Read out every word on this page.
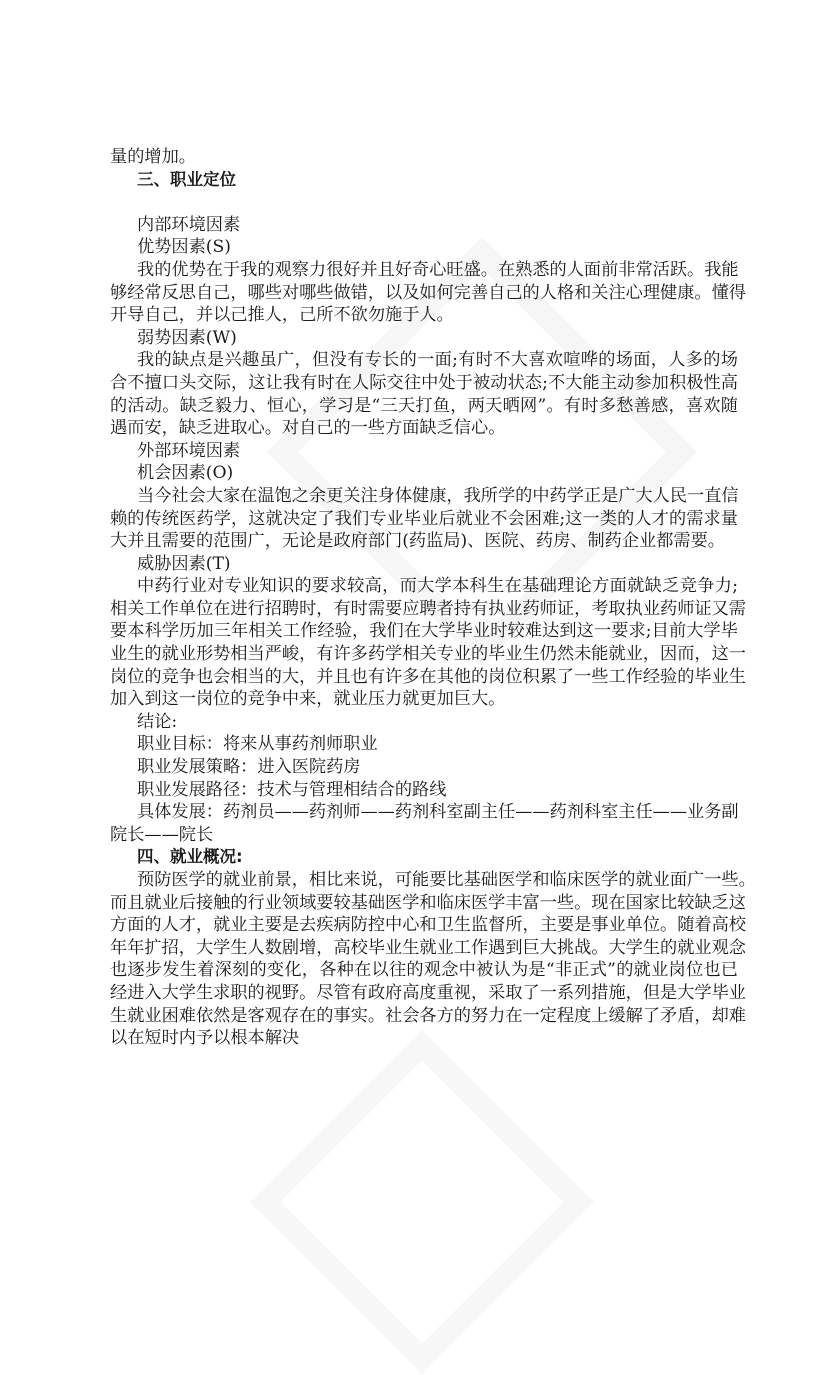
量的增加。
三、职业定位
内部环境因素
优势因素(S)
我的优势在于我的观察力很好并且好奇心旺盛。在熟悉的人面前非常活跃。我能
够经常反思自己，哪些对哪些做错，以及如何完善自己的人格和关注心理健康。懂得
开导自己，并以己推人，己所不欲勿施于人。
弱势因素(W)
我的缺点是兴趣虽广，但没有专长的一面;有时不大喜欢喧哗的场面，人多的场
合不擅口头交际，这让我有时在人际交往中处于被动状态;不大能主动参加积极性高
的活动。缺乏毅力、恒心，学习是“三天打鱼，两天晒网”。有时多愁善感，喜欢随
遇而安，缺乏进取心。对自己的一些方面缺乏信心。
外部环境因素
机会因素(O)
当今社会大家在温饱之余更关注身体健康，我所学的中药学正是广大人民一直信
赖的传统医药学，这就决定了我们专业毕业后就业不会困难;这一类的人才的需求量
大并且需要的范围广，无论是政府部门(药监局)、医院、药房、制药企业都需要。
威胁因素(T)
中药行业对专业知识的要求较高，而大学本科生在基础理论方面就缺乏竞争力;
相关工作单位在进行招聘时，有时需要应聘者持有执业药师证，考取执业药师证又需
要本科学历加三年相关工作经验，我们在大学毕业时较难达到这一要求;目前大学毕
业生的就业形势相当严峻，有许多药学相关专业的毕业生仍然未能就业，因而，这一
岗位的竞争也会相当的大，并且也有许多在其他的岗位积累了一些工作经验的毕业生
加入到这一岗位的竞争中来，就业压力就更加巨大。
结论:
职业目标：将来从事药剂师职业
职业发展策略：进入医院药房
职业发展路径：技术与管理相结合的路线
具体发展：药剂员——药剂师——药剂科室副主任——药剂科室主任——业务副
院长——院长
四、就业概况:
预防医学的就业前景，相比来说，可能要比基础医学和临床医学的就业面广一些。
而且就业后接触的行业领域要较基础医学和临床医学丰富一些。现在国家比较缺乏这
方面的人才，就业主要是去疾病防控中心和卫生监督所，主要是事业单位。随着高校
年年扩招，大学生人数剧增，高校毕业生就业工作遇到巨大挑战。大学生的就业观念
也逐步发生着深刻的变化，各种在以往的观念中被认为是“非正式”的就业岗位也已
经进入大学生求职的视野。尽管有政府高度重视，采取了一系列措施，但是大学毕业
生就业困难依然是客观存在的事实。社会各方的努力在一定程度上缓解了矛盾，却难
以在短时内予以根本解决
